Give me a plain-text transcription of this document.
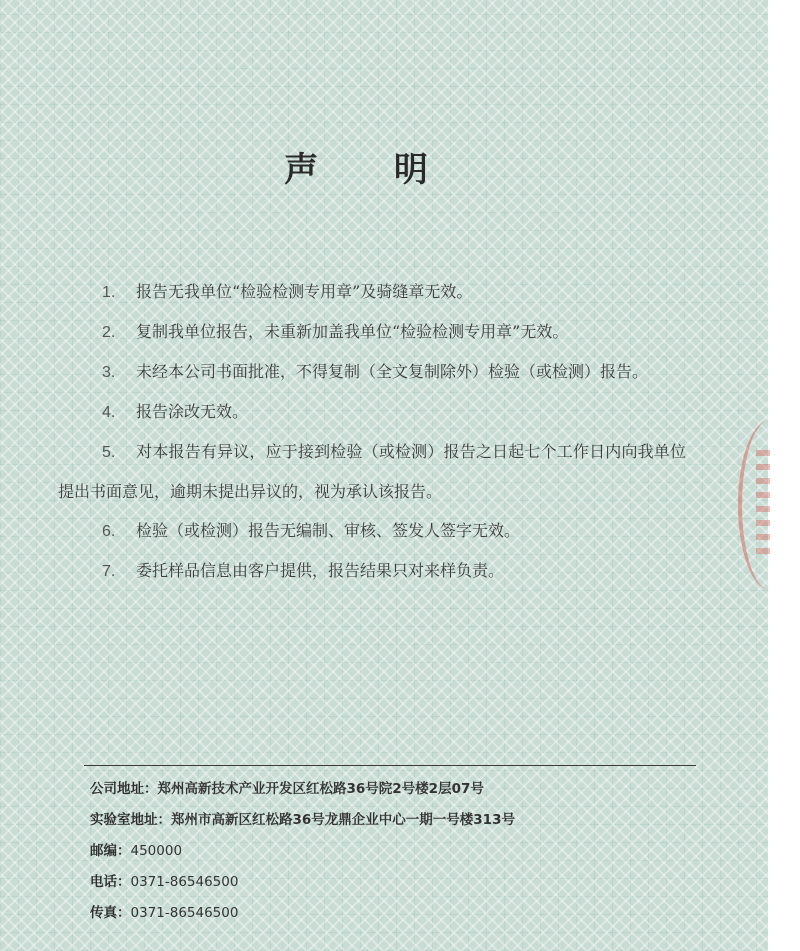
声 明

1. 报告无我单位“检验检测专用章”及骑缝章无效。

2. 复制我单位报告，未重新加盖我单位“检验检测专用章”无效。

3. 未经本公司书面批准，不得复制（全文复制除外）检验（或检测）报告。

4. 报告涂改无效。

5. 对本报告有异议，应于接到检验（或检测）报告之日起七个工作日内向我单位提出书面意见，逾期未提出异议的，视为承认该报告。

6. 检验（或检测）报告无编制、审核、签发人签字无效。

7. 委托样品信息由客户提供，报告结果只对来样负责。

公司地址：郑州高新技术产业开发区红松路36号院2号楼2层07号
实验室地址：郑州市高新区红松路36号龙鼎企业中心一期一号楼313号
邮编：450000
电话：0371-86546500
传真：0371-86546500
